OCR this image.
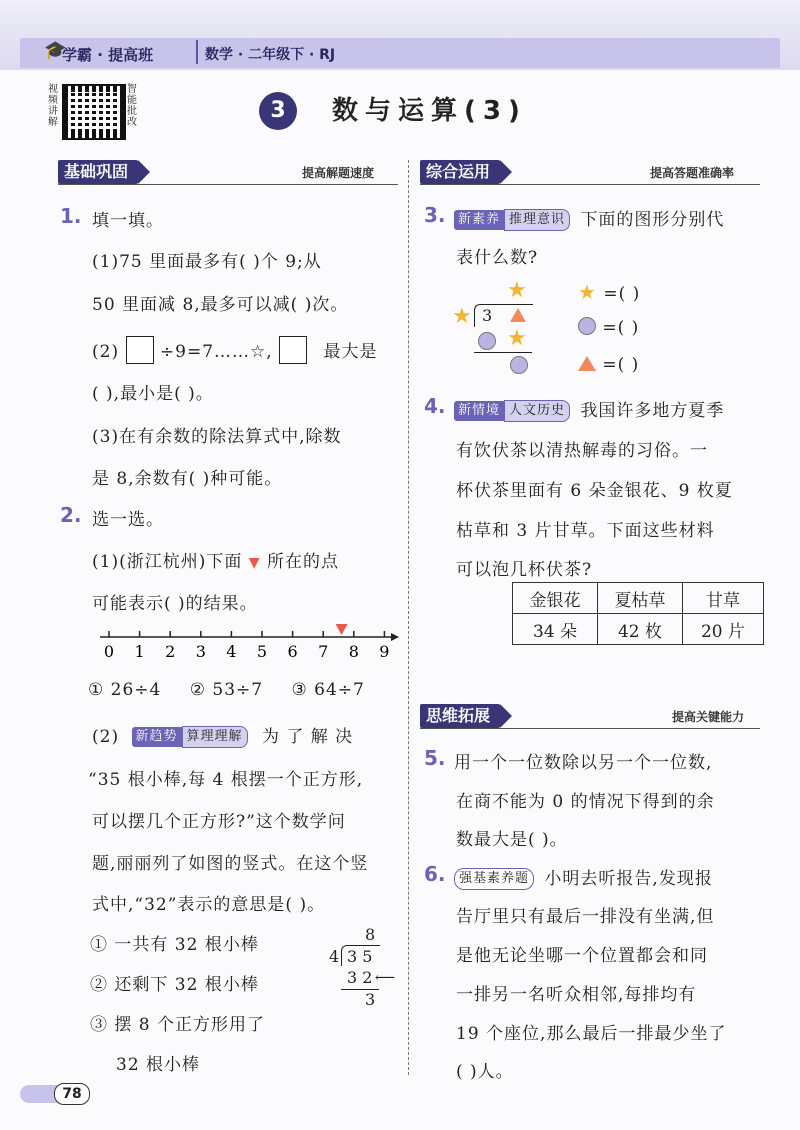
🎓
学霸 · 提高班	数学 · 二年级下 · RJ
视频讲解
智能批改	3	数与运算(3)
基础巩固	提高解题速度
1. 填一填。
(1)75 里面最多有( )个 9;从
50 里面减 8,最多可以减( )次。
(2) ÷9=7……☆,	最大是
( ),最小是( )。
(3)在有余数的除法算式中,除数
是 8,余数有( )种可能。
2. 选一选。
(1)(浙江杭州)下面 ▼ 所在的点
可能表示( )的结果。
0 1 2 3 4 5 6 7 8 9
① 26÷4 ② 53÷7 ③ 64÷7
(2) 新趋势 算理理解 为 了 解 决
“35 根小棒,每 4 根摆一个正方形,
可以摆几个正方形?”这个数学问
题,丽丽列了如图的竖式。在这个竖
式中,“32”表示的意思是( )。
① 一共有 32 根小棒
② 还剩下 32 根小棒
③ 摆 8 个正方形用了
32 根小棒
8
4 3 5
3 2 ⟵
3
综合运用	提高答题准确率
3. 新素养 推理意识 下面的图形分别代
表什么数?
★
★ 3
★
★ =( )
=( )
=( )
4. 新情境 人文历史 我国许多地方夏季
有饮伏茶以清热解毒的习俗。一
杯伏茶里面有 6 朵金银花、9 枚夏
枯草和 3 片甘草。下面这些材料
可以泡几杯伏茶?
金银花	夏枯草	甘草
34 朵	42 枚	20 片
思维拓展	提高关键能力
5. 用一个一位数除以另一个一位数,
在商不能为 0 的情况下得到的余
数最大是( )。
6.	强基素养题 小明去听报告,发现报
告厅里只有最后一排没有坐满,但
是他无论坐哪一个位置都会和同
一排另一名听众相邻,每排均有
19 个座位,那么最后一排最少坐了
( )人。
78
